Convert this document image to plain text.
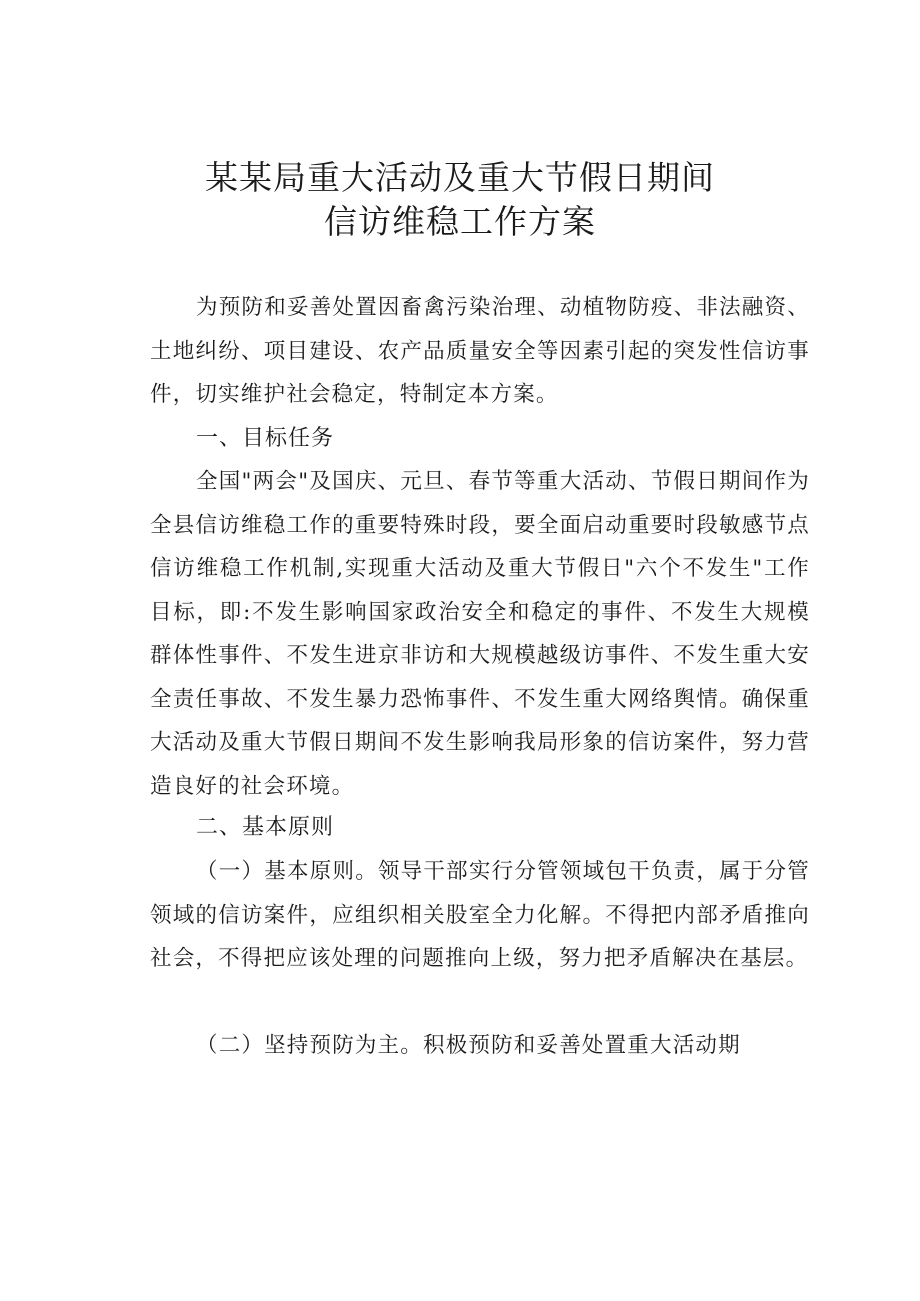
某某局重大活动及重大节假日期间
信访维稳工作方案

为预防和妥善处置因畜禽污染治理、动植物防疫、非法融资、土地纠纷、项目建设、农产品质量安全等因素引起的突发性信访事件，切实维护社会稳定，特制定本方案。

一、目标任务

全国"两会"及国庆、元旦、春节等重大活动、节假日期间作为全县信访维稳工作的重要特殊时段，要全面启动重要时段敏感节点信访维稳工作机制,实现重大活动及重大节假日"六个不发生"工作目标，即:不发生影响国家政治安全和稳定的事件、不发生大规模群体性事件、不发生进京非访和大规模越级访事件、不发生重大安全责任事故、不发生暴力恐怖事件、不发生重大网络舆情。确保重大活动及重大节假日期间不发生影响我局形象的信访案件，努力营造良好的社会环境。

二、基本原则

（一）基本原则。领导干部实行分管领域包干负责，属于分管领域的信访案件，应组织相关股室全力化解。不得把内部矛盾推向社会，不得把应该处理的问题推向上级，努力把矛盾解决在基层。

（二）坚持预防为主。积极预防和妥善处置重大活动期
